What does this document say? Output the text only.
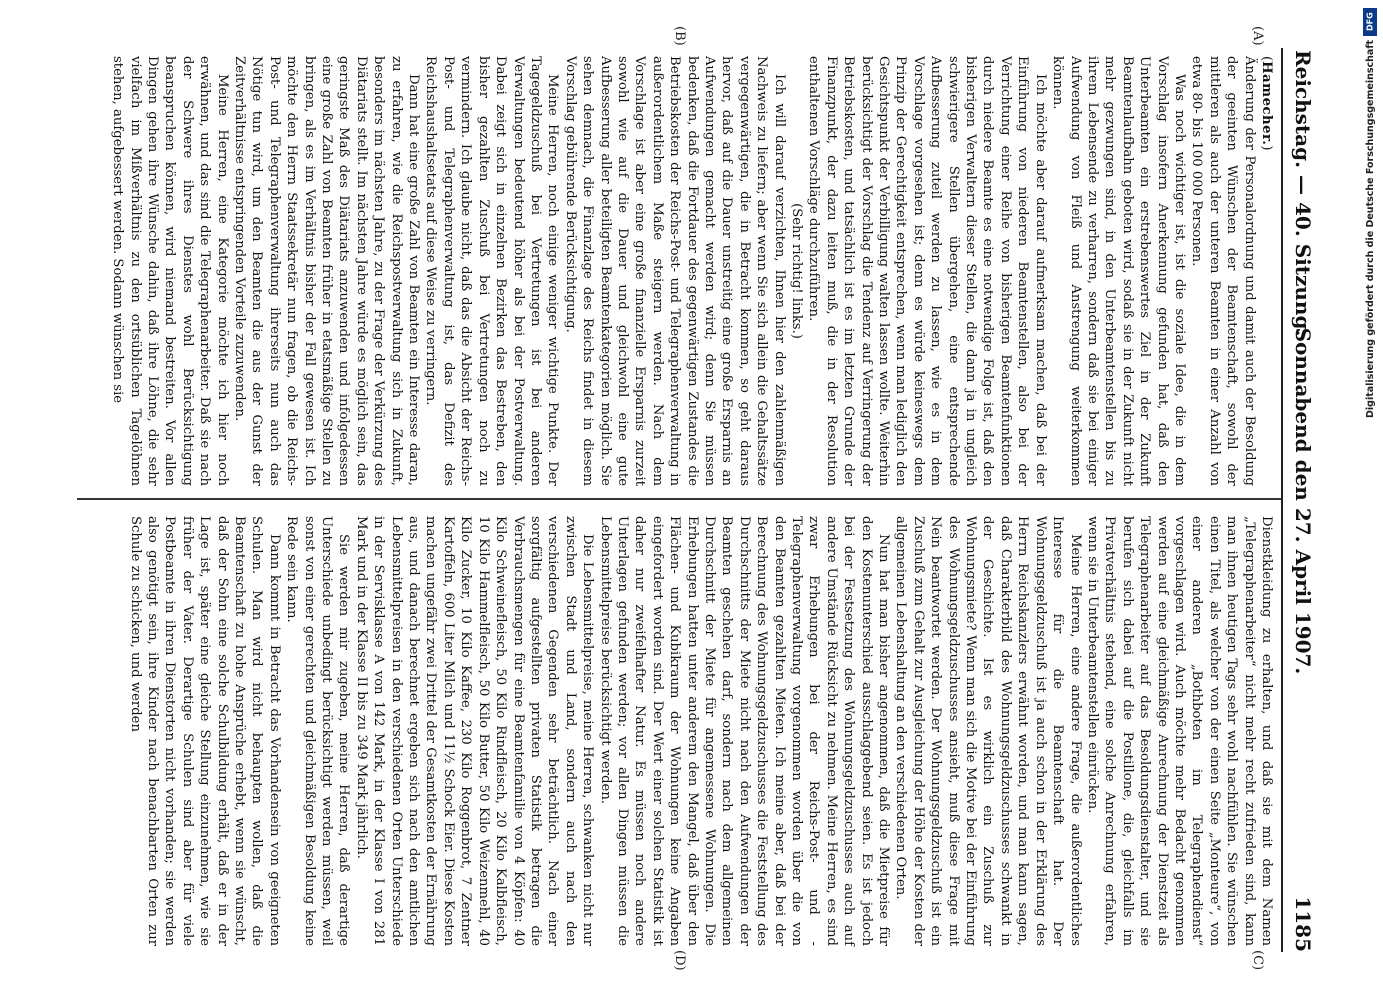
DFG
Digitalisierung gefördert durch die Deutsche Forschungsgemeinschaft
Reichstag. — 40. Sitzung.
Sonnabend den 27. April 1907.
1185
(A)
(B)
(C)
(D)

(Hamecher.)

Änderung der Personalordnung und damit auch der Besoldung der geeinten Wünschen der Beamtenschaft, sowohl der mittleren als auch der unteren Beamten in einer Anzahl von etwa 80- bis 100 000 Personen.

Was noch wichtiger ist, ist die soziale Idee, die in dem Vorschlag insofern Anerkennung gefunden hat, daß den Unterbeamten ein erstrebenswertes Ziel in der Zukunft Beamtenlaufbahn geboten wird, sodaß sie in der Zukunft nicht mehr gezwungen sind, in den Unterbeamtenstellen bis zu ihrem Lebensende zu verharren, sondern daß sie bei einiger Aufwendung von Fleiß und Anstrengung weiterkommen können.

Ich möchte aber darauf aufmerksam machen, daß bei der Einführung von niederen Beamtenstellen, also bei der Verrichtung einer Reihe von bisherigen Beamtenfunktionen durch niedere Beamte es eine notwendige Folge ist, daß den bisherigen Verwaltern dieser Stellen, die dann ja in ungleich schwierigere Stellen übergehen, eine entsprechende Aufbesserung zuteil werden zu lassen, wie es in dem Vorschlage vorgesehen ist; denn es würde keineswegs dem Prinzip der Gerechtigkeit entsprechen, wenn man lediglich den Gesichtspunkt der Verbilligung walten lassen wollte. Weiterhin berücksichtigt der Vorschlag die Tendenz auf Verringerung der Betriebskosten, und tatsächlich ist es im letzten Grunde der Finanzpunkt, der dazu leiten muß, die in der Resolution enthaltenen Vorschläge durchzuführen.

(Sehr richtig! links.)

Ich will darauf verzichten, Ihnen hier den zahlenmäßigen Nachweis zu liefern; aber wenn Sie sich allein die Gehaltssätze vergegenwärtigen, die in Betracht kommen, so geht daraus hervor, daß auf die Dauer unstreitig eine große Ersparnis an Aufwendungen gemacht werden wird; denn Sie müssen bedenken, daß die Fortdauer des gegenwärtigen Zustandes die Betriebskosten der Reichs-Post- und Telegraphenverwaltung in außerordentlichem Maße steigern werden. Nach dem Vorschlage ist aber eine große finanzielle Ersparnis zurzeit sowohl wie auf die Dauer und gleichwohl eine gute Aufbesserung aller beteiligten Beamtenkategorien möglich. Sie sehen demnach, die Finanzlage des Reichs findet in diesem Vorschlag gebührende Berücksichtigung.

Meine Herren, noch einige weniger wichtige Punkte. Der Tagegeldzuschuß bei Vertretungen ist bei anderen Verwaltungen bedeutend höher als bei der Postverwaltung. Dabei zeigt sich in einzelnen Bezirken das Bestreben, den bisher gezahlten Zuschuß bei Vertretungen noch zu vermindern. Ich glaube nicht, daß das die Absicht der Reichs-Post- und Telegraphenverwaltung ist, das Defizit des Reichshaushaltsetats auf diese Weise zu verringern.

Dann hat eine große Zahl von Beamten ein Interesse daran, zu erfahren, wie die Reichspostverwaltung sich in Zukunft, besonders im nächsten Jahre, zu der Frage der Verkürzung des Diätariats stellt. Im nächsten Jahre würde es möglich sein, das geringste Maß des Diätariats anzuwenden und infolgedessen eine große Zahl von Beamten früher in etatsmäßige Stellen zu bringen, als es im Verhältnis bisher der Fall gewesen ist. Ich möchte den Herrn Staatssekretär nun fragen, ob die Reichs-Post- und Telegraphenverwaltung ihrerseits nun auch das Nötige tun wird, um den Beamten die aus der Gunst der Zeitverhältnisse entspringenden Vorteile zuzuwenden.

Meine Herren, eine Kategorie möchte ich hier noch erwähnen, und das sind die Telegraphenarbeiter. Daß sie nach der Schwere ihres Dienstes wohl Berücksichtigung beanspruchen können, wird niemand bestreiten. Vor allen Dingen gehen ihre Wünsche dahin, daß ihre Löhne, die sehr vielfach im Mißverhältnis zu den ortsüblichen Tagelöhnen stehen, aufgebessert werden. Sodann wünschen sie

Dienstkleidung zu erhalten, und daß sie mit dem Namen „Telegraphenarbeiter“ nicht mehr recht zufrieden sind, kann man ihnen heutigen Tags sehr wohl nachfühlen. Sie wünschen einen Titel, als welcher von der einen Seite „Monteure“, von einer anderen „Bothboten im Telegraphendienst“ vorgeschlagen wird. Auch möchte mehr Bedacht genommen werden auf eine gleichmäßige Anrechnung der Dienstzeit als Telegraphenarbeiter auf das Besoldungsdienstalter, und sie berufen sich dabei auf die Postillone, die, gleichfalls im Privatverhältnis stehend, eine solche Anrechnung erfahren, wenn sie in Unterbeamtenstellen einrücken.

Meine Herren, eine andere Frage, die außerordentliches Interesse für die Beamtenschaft hat. Der Wohnungsgeldzuschuß ist ja auch schon in der Erklärung des Herrn Reichskanzlers erwähnt worden, und man kann sagen, daß Charakterbild des Wohnungsgeldzuschusses schwankt in der Geschichte. Ist es wirklich ein Zuschuß zur Wohnungsmiete? Wenn man sich die Motive bei der Einführung des Wohnungsgeldzuschusses ansieht, muß diese Frage mit Nein beantwortet werden. Der Wohnungsgeldzuschuß ist ein Zuschuß zum Gehalt zur Ausgleichung der Höhe der Kosten der allgemeinen Lebenshaltung an den verschiedenen Orten.

Nun hat man bisher angenommen, daß die Mietpreise für den Kostenunterschied ausschlaggebend seien. Es ist jedoch bei der Festsetzung des Wohnungsgeldzuschusses auch auf andere Umstände Rücksicht zu nehmen. Meine Herren, es sind zwar Erhebungen bei der Reichs-Post- und -Telegraphenverwaltung vorgenommen worden über die von den Beamten gezahlten Mieten. Ich meine aber, daß bei der Berechnung des Wohnungsgeldzuschusses die Feststellung des Durchschnitts der Miete nicht nach den Aufwendungen der Beamten geschehen darf, sondern nach dem allgemeinen Durchschnitt der Miete für angemessene Wohnungen. Die Erhebungen hatten unter anderem den Mangel, daß über den Flächen- und Kubikraum der Wohnungen keine Angaben eingefordert worden sind. Der Wert einer solchen Statistik ist daher nur zweifelhafter Natur. Es müssen noch andere Unterlagen gefunden werden; vor allen Dingen müssen die Lebensmittelpreise berücksichtigt werden.

Die Lebensmittelpreise, meine Herren, schwanken nicht nur zwischen Stadt und Land, sondern auch nach den verschiedenen Gegenden sehr beträchtlich. Nach einer sorgfältig aufgestellten privaten Statistik betragen die Verbrauchsmengen für eine Beamtenfamilie von 4 Köpfen: 40 Kilo Schweinefleisch, 50 Kilo Rindfleisch, 20 Kilo Kalbfleisch, 10 Kilo Hammelfleisch, 50 Kilo Butter, 50 Kilo Weizenmehl, 40 Kilo Zucker, 10 Kilo Kaffee, 230 Kilo Roggenbrot, 7 Zentner Kartoffeln, 600 Liter Milch und 11½ Schock Eier. Diese Kosten machen ungefähr zwei Drittel der Gesamtkosten der Ernährung aus, und danach berechnet ergeben sich nach den amtlichen Lebensmittelpreisen in den verschiedenen Orten Unterschiede in der Servisklasse A von 142 Mark, in der Klasse I von 281 Mark und in der Klasse II bis zu 349 Mark jährlich.

Sie werden mir zugeben, meine Herren, daß derartige Unterschiede unbedingt berücksichtigt werden müssen, weil sonst von einer gerechten und gleichmäßigen Besoldung keine Rede sein kann.

Dann kommt in Betracht das Vorhandensein von geeigneten Schulen. Man wird nicht behaupten wollen, daß die Beamtenschaft zu hohe Ansprüche erhebt, wenn sie wünscht, daß der Sohn eine solche Schulbildung erhält, daß er in der Lage ist, später eine gleiche Stellung einzunehmen, wie sie früher der Vater. Derartige Schulen sind aber für viele Postbeamte in ihren Dienstorten nicht vorhanden; sie werden also genötigt sein, ihre Kinder nach benachbarten Orten zur Schule zu schicken, und werden
